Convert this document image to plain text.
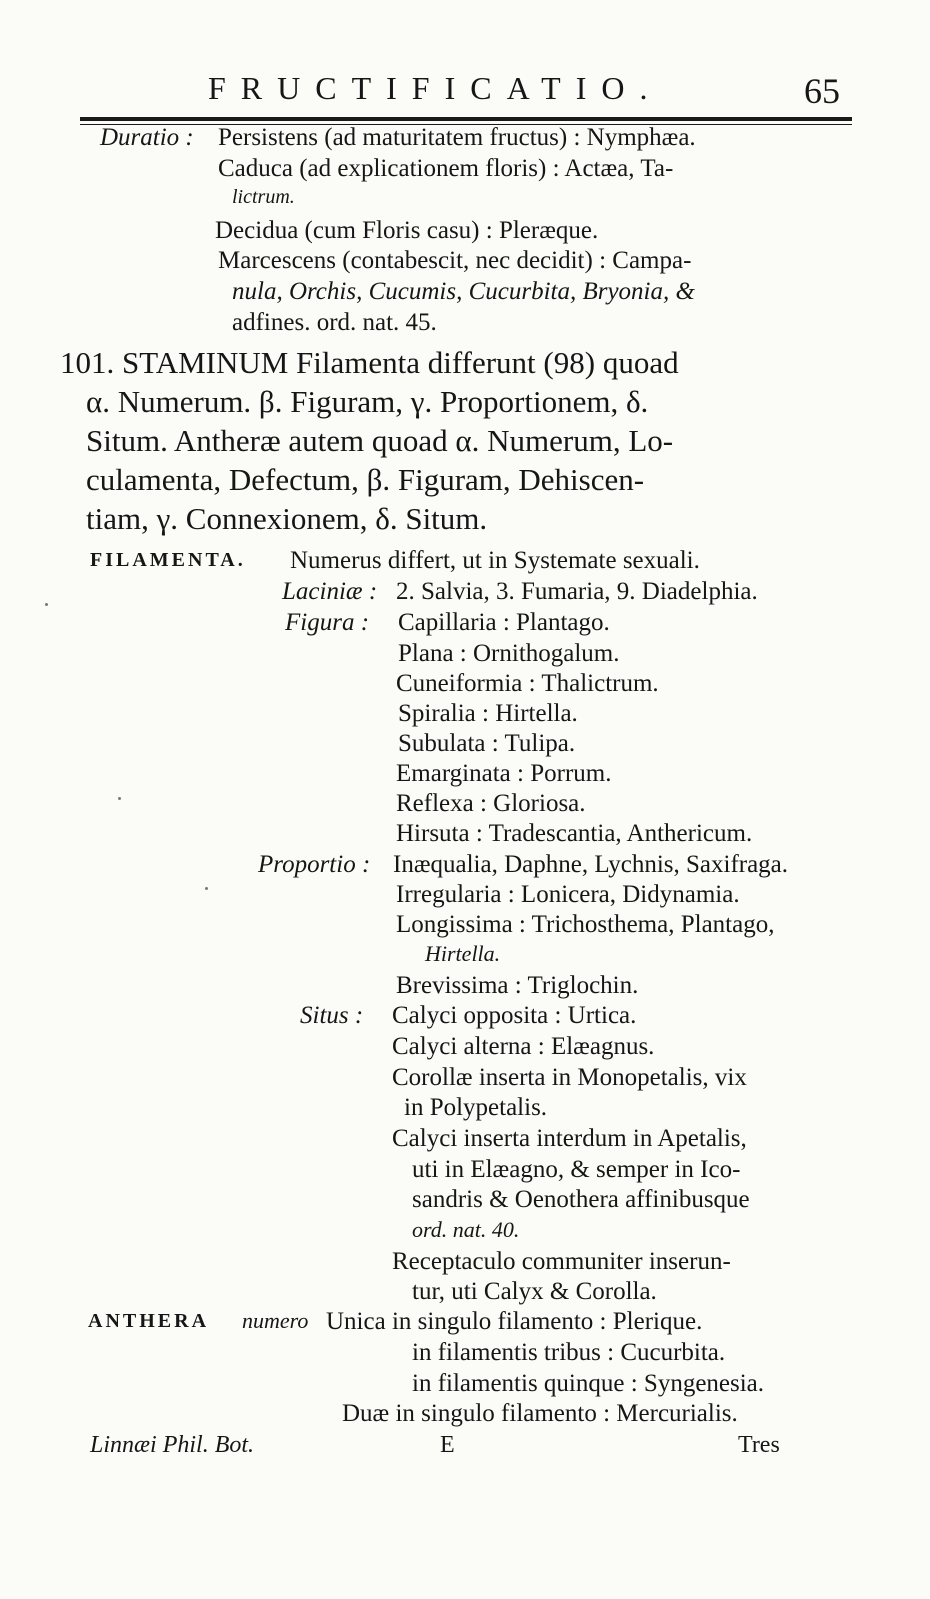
FRUCTIFICATIO.	65
Duratio : Persistens (ad maturitatem fructus) : Nymphæa.
Caduca (ad explicationem floris) : Actæa, Ta-
lictrum.
Decidua (cum Floris casu) : Pleræque.
Marcescens (contabescit, nec decidit) : Campa-
nula, Orchis, Cucumis, Cucurbita, Bryonia, &
adfines. ord. nat. 45.
101. STAMINUM Filamenta differunt (98) quoad
α. Numerum. β. Figuram, γ. Proportionem, δ.
Situm. Antheræ autem quoad α. Numerum, Lo-
culamenta, Defectum, β. Figuram, Dehiscen-
tiam, γ. Connexionem, δ. Situm.
FILAMENTA. Numerus differt, ut in Systemate sexuali.
Laciniæ : 2. Salvia, 3. Fumaria, 9. Diadelphia.
Figura : Capillaria : Plantago.
Plana : Ornithogalum.
Cuneiformia : Thalictrum.
Spiralia : Hirtella.
Subulata : Tulipa.
Emarginata : Porrum.
Reflexa : Gloriosa.
Hirsuta : Tradescantia, Anthericum.
Proportio : Inæqualia, Daphne, Lychnis, Saxifraga.
Irregularia : Lonicera, Didynamia.
Longissima : Trichosthema, Plantago,
Hirtella.
Brevissima : Triglochin.
Situs : Calyci opposita : Urtica.
Calyci alterna : Elæagnus.
Corollæ inserta in Monopetalis, vix
in Polypetalis.
Calyci inserta interdum in Apetalis,
uti in Elæagno, & semper in Ico-
sandris & Oenothera affinibusque
ord. nat. 40.
Receptaculo communiter inserun-
tur, uti Calyx & Corolla.
ANTHERA numero Unica in singulo filamento : Plerique.
in filamentis tribus : Cucurbita.
in filamentis quinque : Syngenesia.
Duæ in singulo filamento : Mercurialis.
Linnæi Phil. Bot.	E	Tres
